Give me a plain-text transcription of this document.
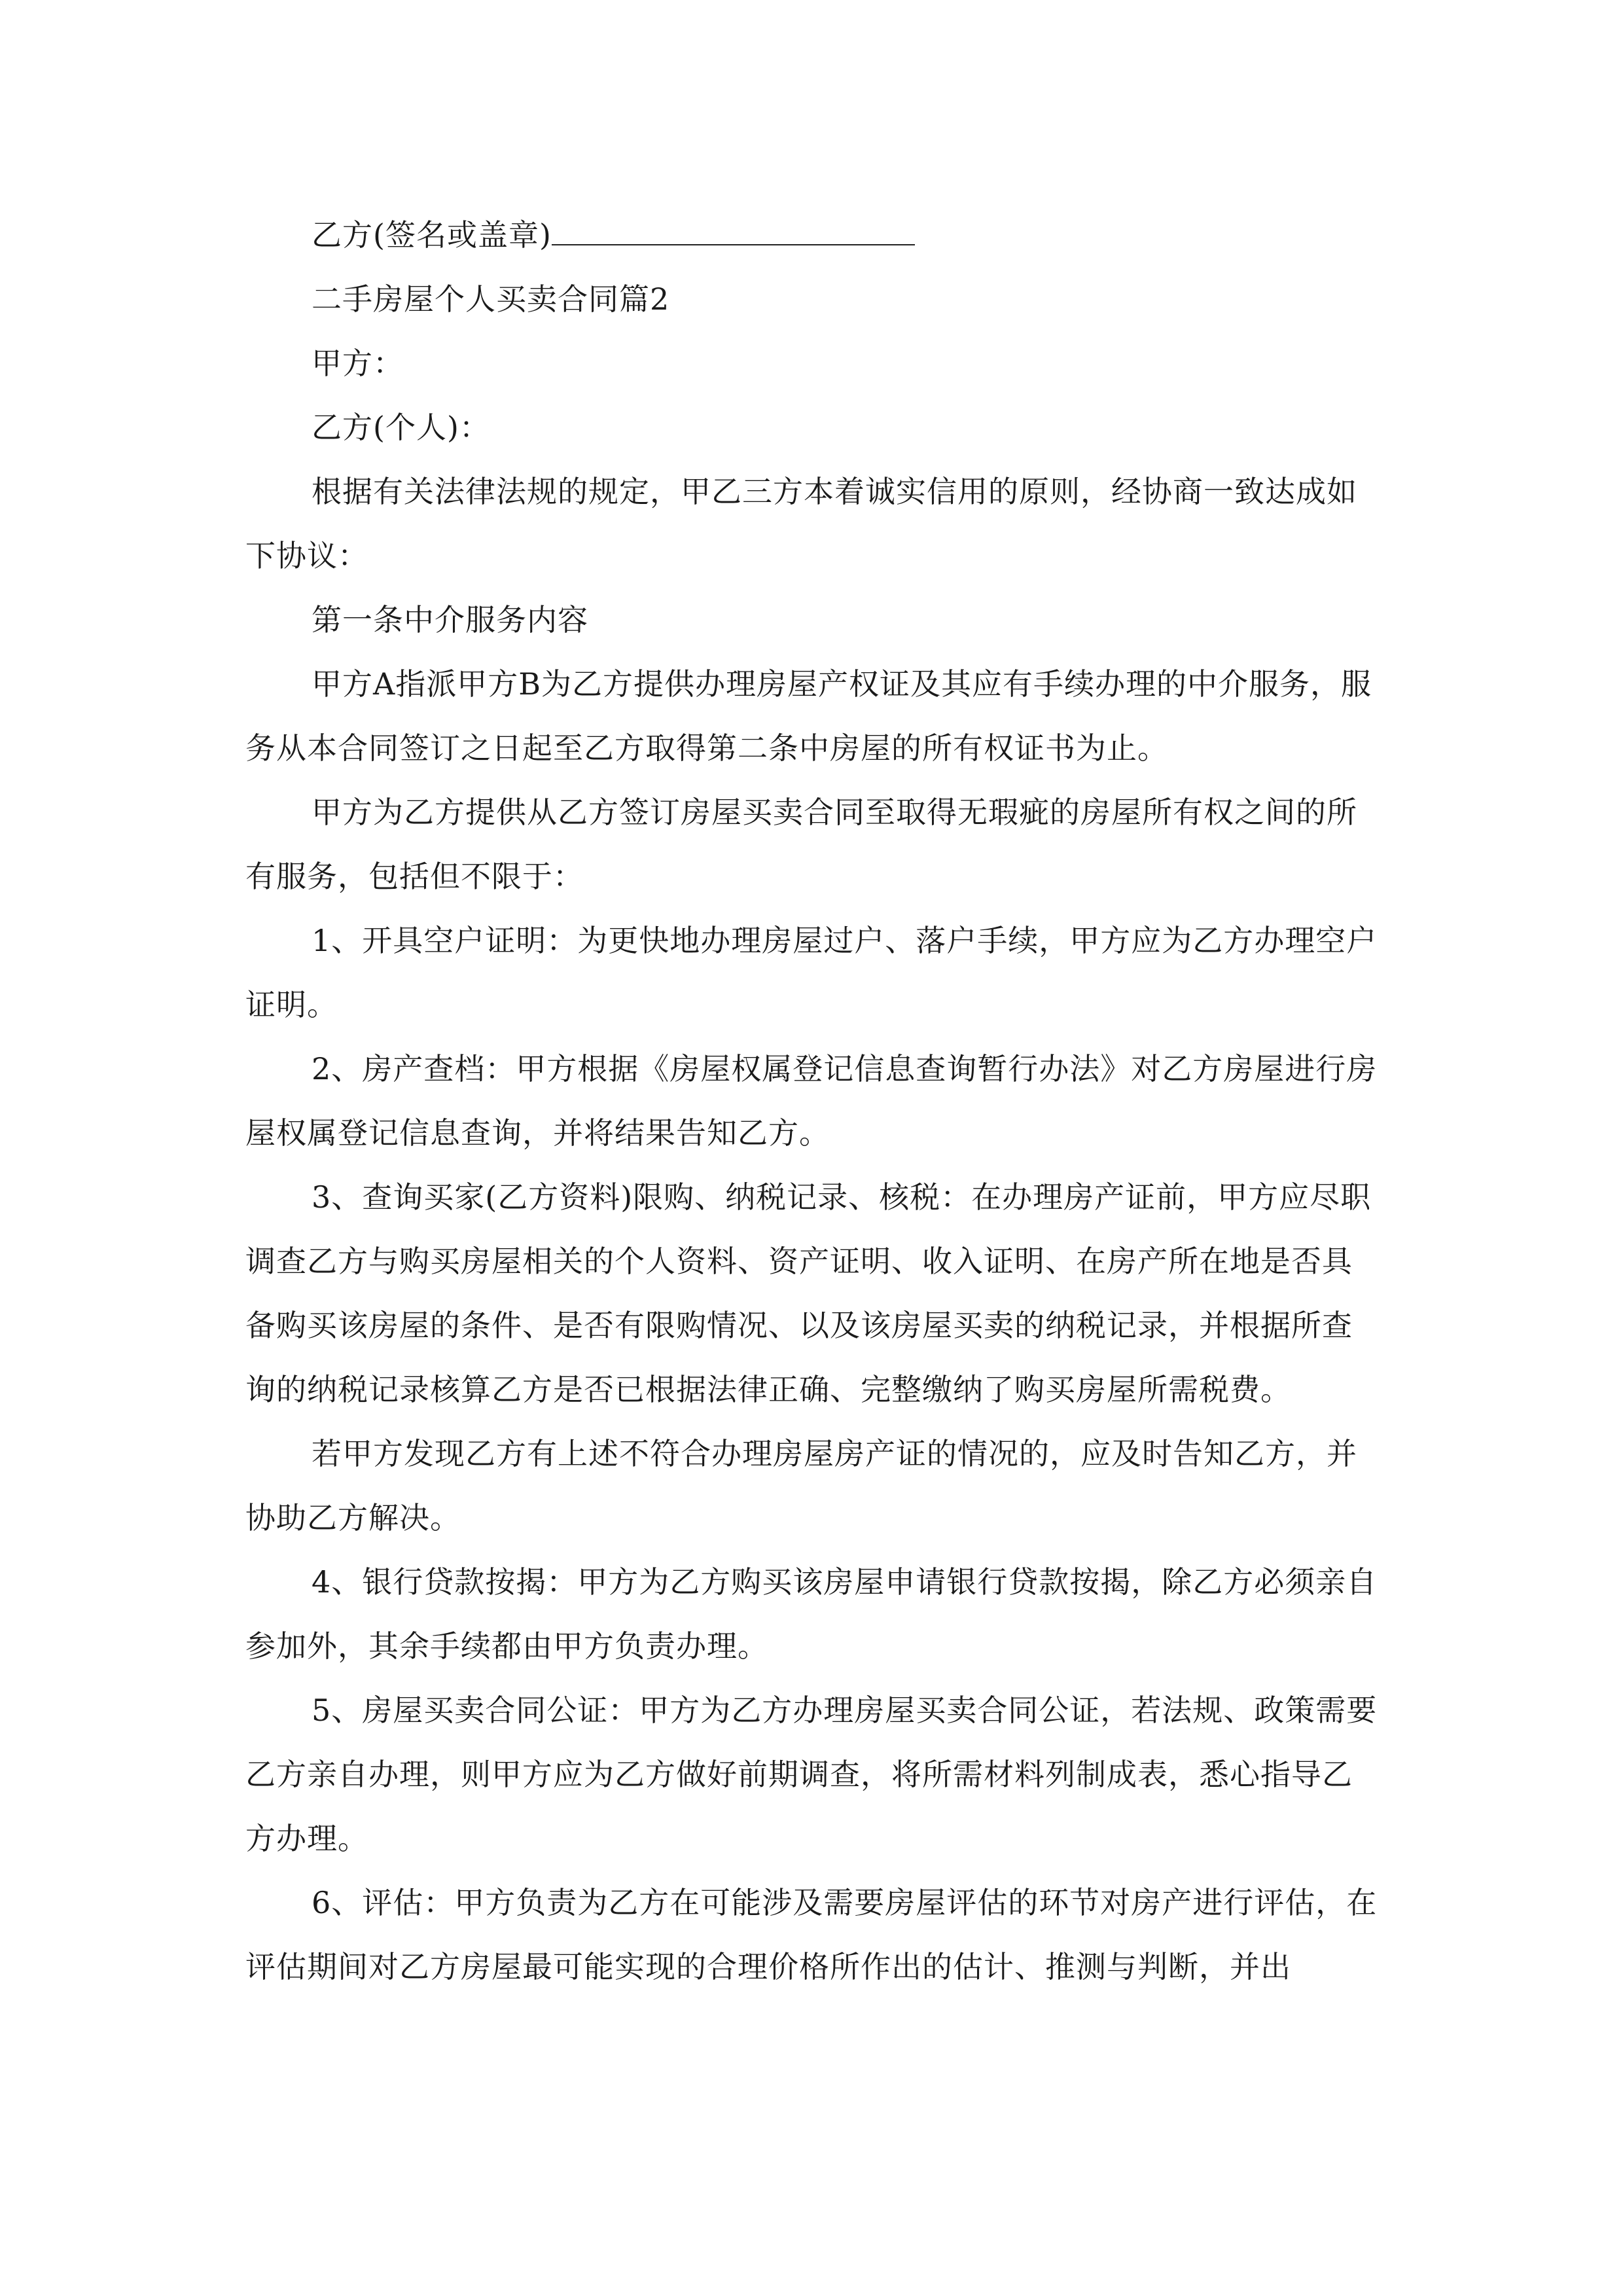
乙方(签名或盖章)

二手房屋个人买卖合同篇2

甲方：

乙方(个人)：

根据有关法律法规的规定，甲乙三方本着诚实信用的原则，经协商一致达成如下协议：

第一条中介服务内容

甲方A指派甲方B为乙方提供办理房屋产权证及其应有手续办理的中介服务，服务从本合同签订之日起至乙方取得第二条中房屋的所有权证书为止。

甲方为乙方提供从乙方签订房屋买卖合同至取得无瑕疵的房屋所有权之间的所有服务，包括但不限于：

1、开具空户证明：为更快地办理房屋过户、落户手续，甲方应为乙方办理空户证明。

2、房产查档：甲方根据《房屋权属登记信息查询暂行办法》对乙方房屋进行房屋权属登记信息查询，并将结果告知乙方。

3、查询买家(乙方资料)限购、纳税记录、核税：在办理房产证前，甲方应尽职调查乙方与购买房屋相关的个人资料、资产证明、收入证明、在房产所在地是否具备购买该房屋的条件、是否有限购情况、以及该房屋买卖的纳税记录，并根据所查询的纳税记录核算乙方是否已根据法律正确、完整缴纳了购买房屋所需税费。

若甲方发现乙方有上述不符合办理房屋房产证的情况的，应及时告知乙方，并协助乙方解决。

4、银行贷款按揭：甲方为乙方购买该房屋申请银行贷款按揭，除乙方必须亲自参加外，其余手续都由甲方负责办理。

5、房屋买卖合同公证：甲方为乙方办理房屋买卖合同公证，若法规、政策需要乙方亲自办理，则甲方应为乙方做好前期调查，将所需材料列制成表，悉心指导乙方办理。

6、评估：甲方负责为乙方在可能涉及需要房屋评估的环节对房产进行评估，在评估期间对乙方房屋最可能实现的合理价格所作出的估计、推测与判断，并出
